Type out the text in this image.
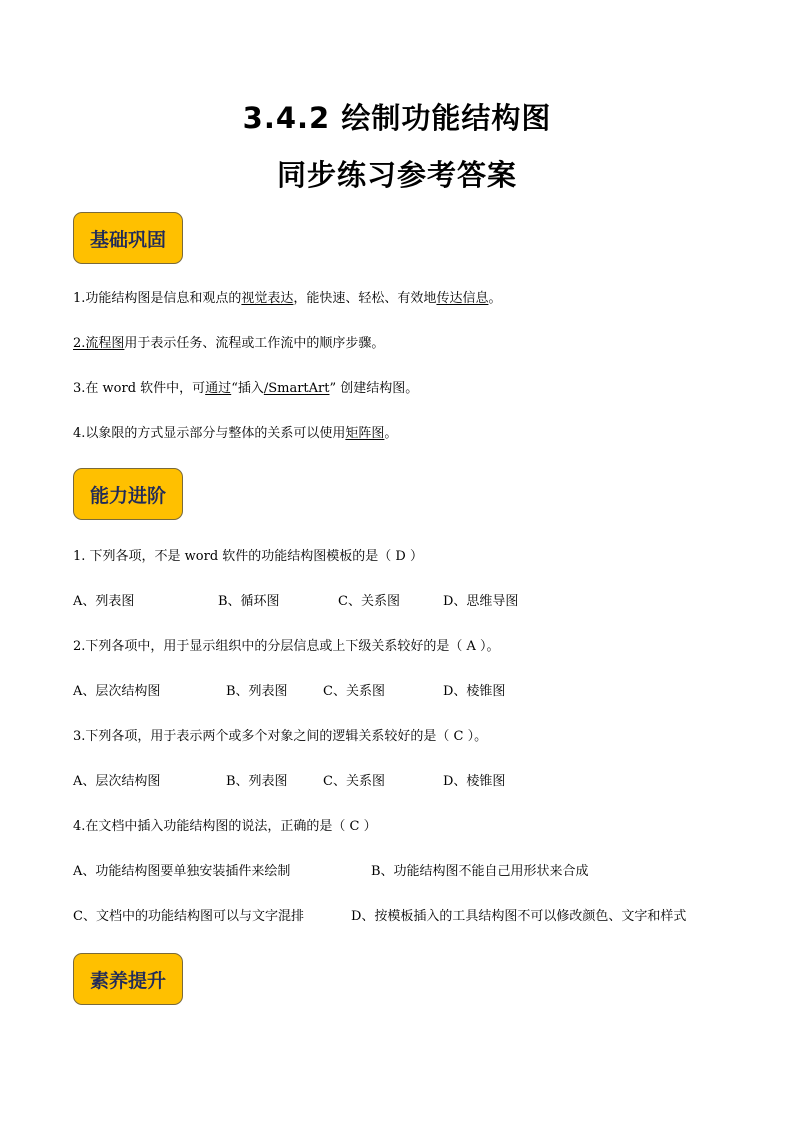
3.4.2 绘制功能结构图
同步练习参考答案
基础巩固
1.功能结构图是信息和观点的视觉表达，能快速、轻松、有效地传达信息。
2.流程图用于表示任务、流程或工作流中的顺序步骤。
3.在 word 软件中，可通过“插入/SmartArt” 创建结构图。
4.以象限的方式显示部分与整体的关系可以使用矩阵图。
能力进阶
1. 下列各项，不是 word 软件的功能结构图模板的是（ D ）
A、列表图	B、循环图	C、关系图	D、思维导图
2.下列各项中，用于显示组织中的分层信息或上下级关系较好的是（ A ）。
A、层次结构图	B、列表图	C、关系图	D、棱锥图
3.下列各项，用于表示两个或多个对象之间的逻辑关系较好的是（ C ）。
A、层次结构图	B、列表图	C、关系图	D、棱锥图
4.在文档中插入功能结构图的说法，正确的是（ C ）
A、功能结构图要单独安装插件来绘制	B、功能结构图不能自己用形状来合成
C、文档中的功能结构图可以与文字混排	D、按模板插入的工具结构图不可以修改颜色、文字和样式
素养提升
